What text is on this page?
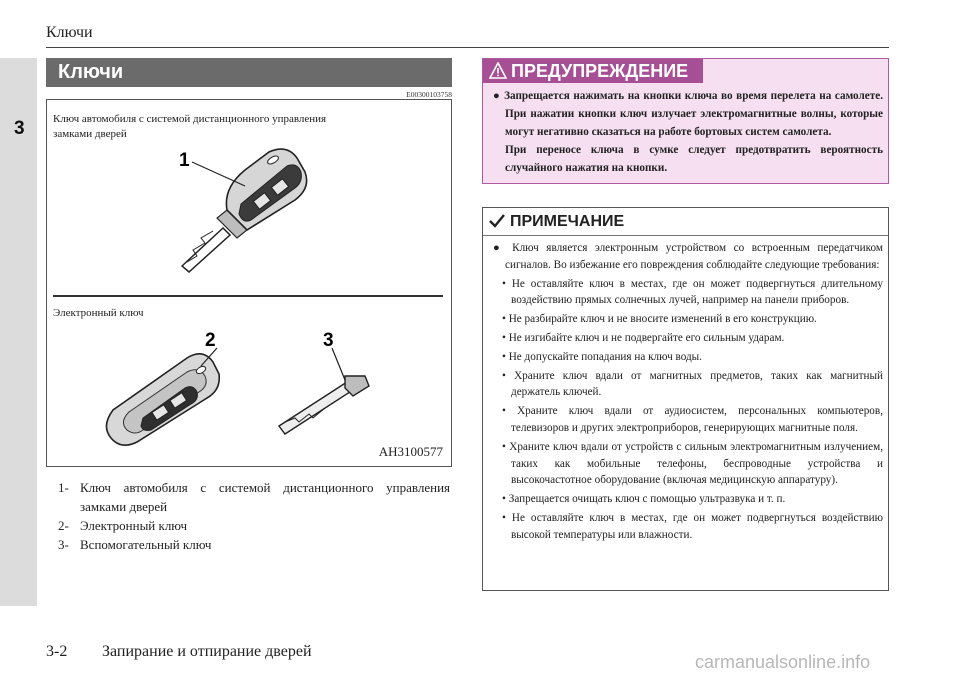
3
Ключи
Ключи
E00300103758
1
2	3
Ключ автомобиля с системой дистанционного управления замками дверей
Электронный ключ
AH3100577
1- Ключ автомобиля с системой дистанционного управления замками дверей
2- Электронный ключ
3- Вспомогательный ключ
ПРЕДУПРЕЖДЕНИЕ
● Запрещается нажимать на кнопки ключа во время перелета на самолете. При нажатии кнопки ключ излучает электромагнитные волны, которые могут негативно сказаться на работе бортовых систем самолета.
При переносе ключа в сумке следует предотвратить вероятность случайного нажатия на кнопки.
ПРИМЕЧАНИЕ

● Ключ является электронным устройством со встроенным передатчиком сигналов. Во избежание его повреждения соблюдайте следующие требования:

• Не оставляйте ключ в местах, где он может подвергнуться длительному воздействию прямых солнечных лучей, например на панели приборов.

• Не разбирайте ключ и не вносите изменений в его конструкцию.

• Не изгибайте ключ и не подвергайте его сильным ударам.

• Не допускайте попадания на ключ воды.

• Храните ключ вдали от магнитных предметов, таких как магнитный держатель ключей.

• Храните ключ вдали от аудиосистем, персональных компьютеров, телевизоров и других электроприборов, генерирующих магнитные поля.

• Храните ключ вдали от устройств с сильным электромагнитным излучением, таких как мобильные телефоны, беспроводные устройства и высокочастотное оборудование (включая медицинскую аппаратуру).

• Запрещается очищать ключ с помощью ультразвука и т. п.

• Не оставляйте ключ в местах, где он может подвергнуться воздействию высокой температуры или влажности.

3-2 Запирание и отпирание дверей
carmanualsonline.info
